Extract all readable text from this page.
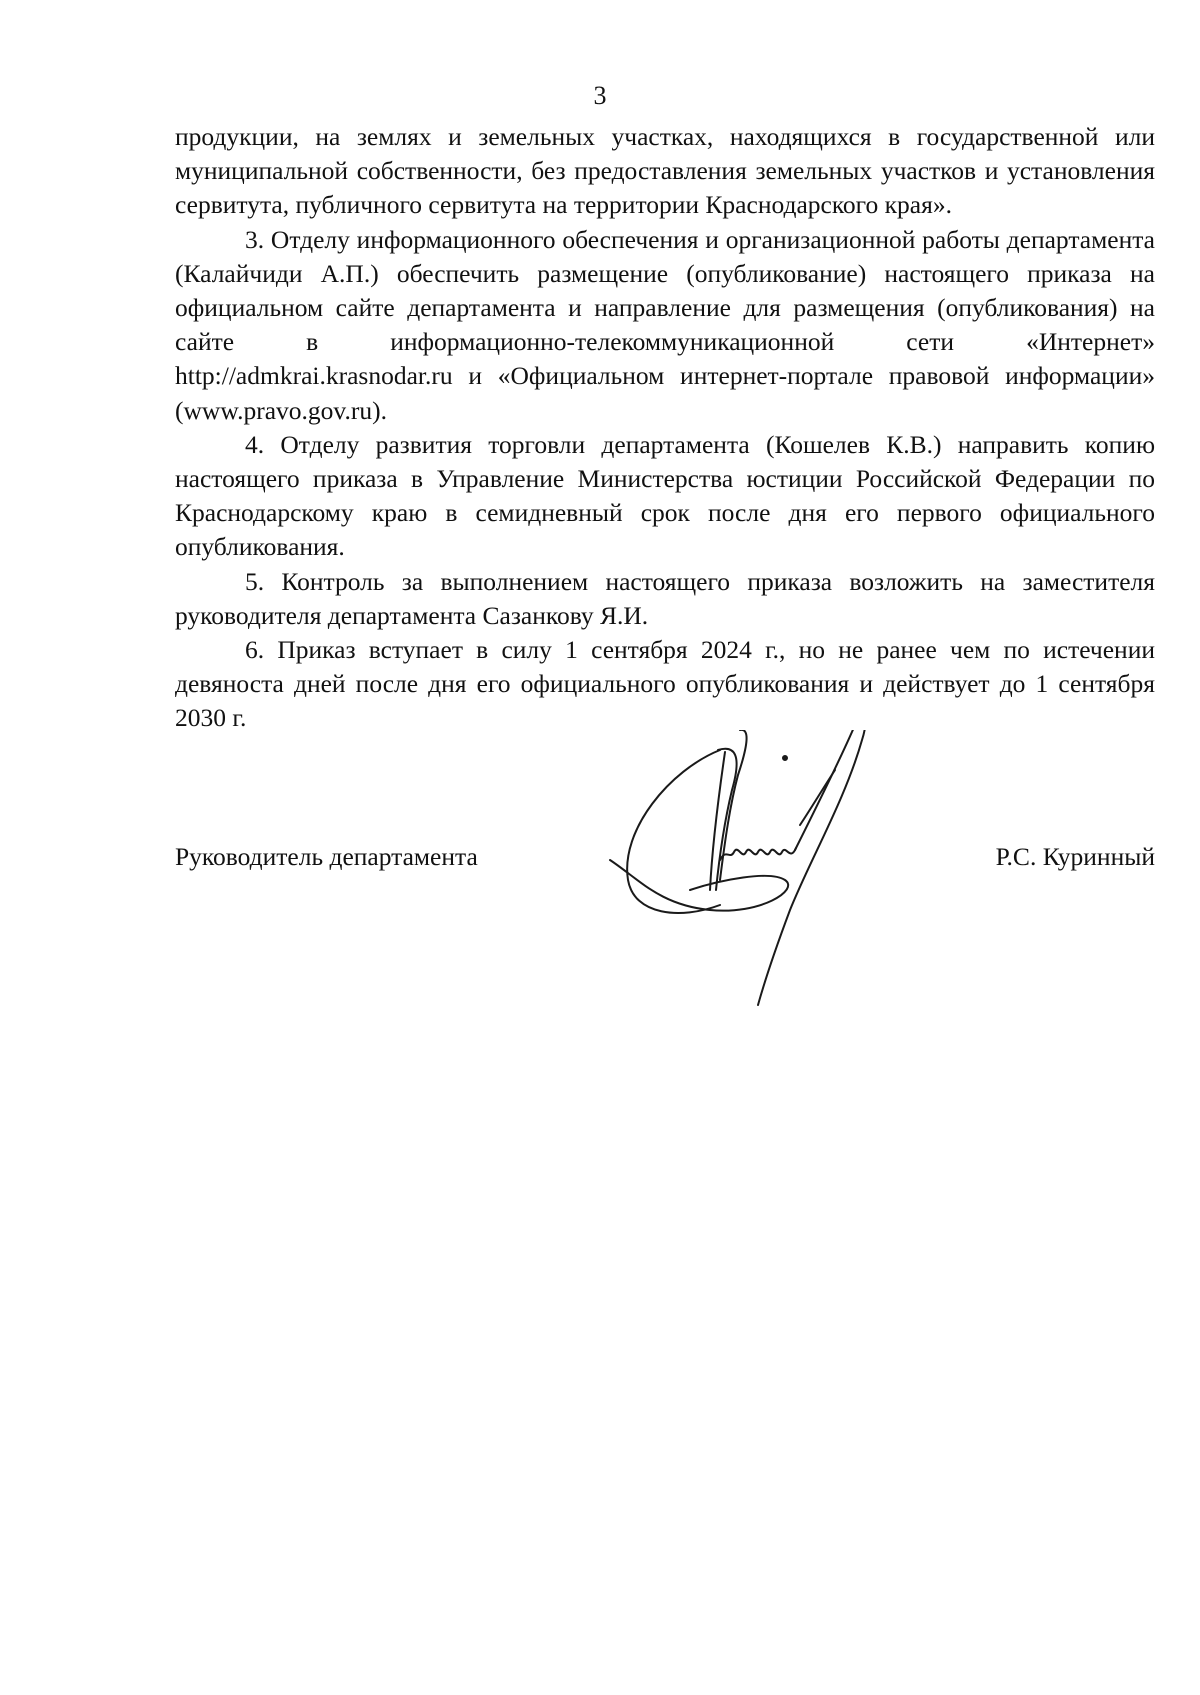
3

продукции, на землях и земельных участках, находящихся в государственной или муниципальной собственности, без предоставления земельных участков и установления сервитута, публичного сервитута на территории Краснодарского края».

3. Отделу информационного обеспечения и организационной работы департамента (Калайчиди А.П.) обеспечить размещение (опубликование) настоящего приказа на официальном сайте департамента и направление для размещения (опубликования) на сайте в информационно-телекоммуникационной сети «Интернет» http://admkrai.krasnodar.ru и «Официальном интернет-портале правовой информации» (www.pravo.gov.ru).

4. Отделу развития торговли департамента (Кошелев К.В.) направить копию настоящего приказа в Управление Министерства юстиции Российской Федерации по Краснодарскому краю в семидневный срок после дня его первого официального опубликования.

5. Контроль за выполнением настоящего приказа возложить на заместителя руководителя департамента Сазанкову Я.И.

6. Приказ вступает в силу 1 сентября 2024 г., но не ранее чем по истечении девяноста дней после дня его официального опубликования и действует до 1 сентября 2030 г.

Руководитель департамента	Р.С. Куринный
